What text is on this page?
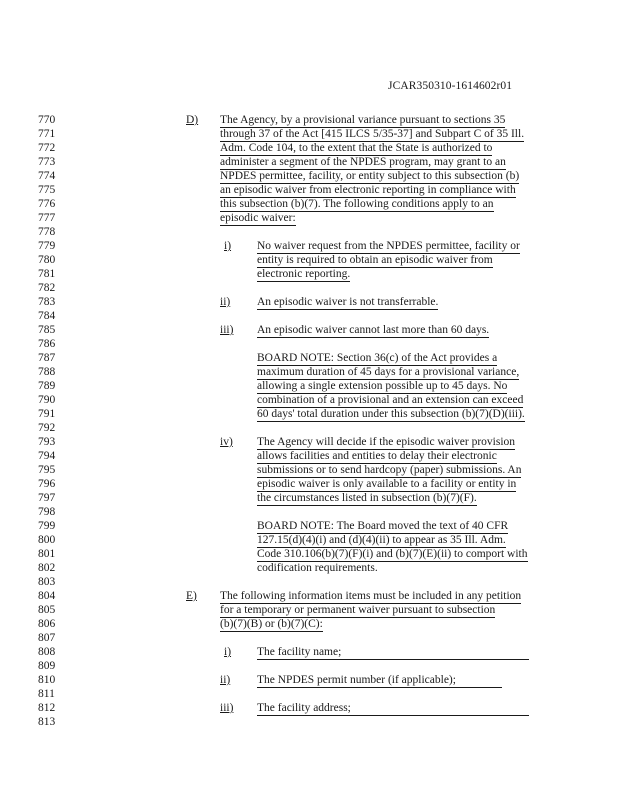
JCAR350310-1614602r01
770
771
772
773
774
775
776
777
778
779
780
781
782
783
784
785
786
787
788
789
790
791
792
793
794
795
796
797
798
799
800
801
802
803
804
805
806
807
808
809
810
811
812
813
D) The Agency, by a provisional variance pursuant to sections 35
through 37 of the Act [415 ILCS 5/35-37] and Subpart C of 35 Ill.
Adm. Code 104, to the extent that the State is authorized to
administer a segment of the NPDES program, may grant to an
NPDES permittee, facility, or entity subject to this subsection (b)
an episodic waiver from electronic reporting in compliance with
this subsection (b)(7). The following conditions apply to an
episodic waiver:
i) No waiver request from the NPDES permittee, facility or
entity is required to obtain an episodic waiver from
electronic reporting.
ii) An episodic waiver is not transferrable.
iii) An episodic waiver cannot last more than 60 days.
BOARD NOTE: Section 36(c) of the Act provides a
maximum duration of 45 days for a provisional variance,
allowing a single extension possible up to 45 days. No
combination of a provisional and an extension can exceed
60 days' total duration under this subsection (b)(7)(D)(iii).
iv) The Agency will decide if the episodic waiver provision
allows facilities and entities to delay their electronic
submissions or to send hardcopy (paper) submissions. An
episodic waiver is only available to a facility or entity in
the circumstances listed in subsection (b)(7)(F).
BOARD NOTE: The Board moved the text of 40 CFR
127.15(d)(4)(i) and (d)(4)(ii) to appear as 35 Ill. Adm.
Code 310.106(b)(7)(F)(i) and (b)(7)(E)(ii) to comport with
codification requirements.
E) The following information items must be included in any petition
for a temporary or permanent waiver pursuant to subsection
(b)(7)(B) or (b)(7)(C):
i) The facility name;
ii) The NPDES permit number (if applicable);
iii) The facility address;
